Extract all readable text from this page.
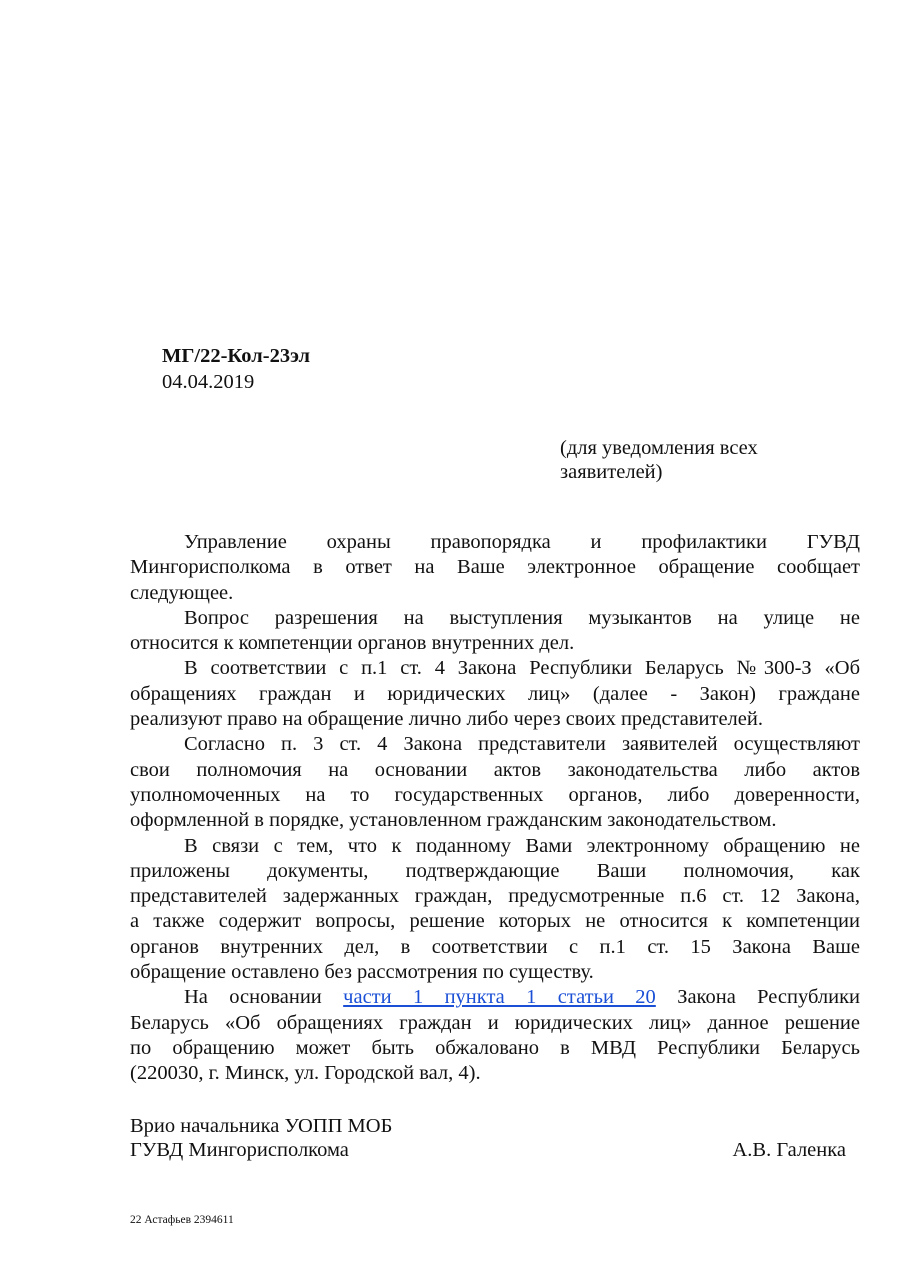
МГ/22-Кол-23эл
04.04.2019
(для уведомления всех
заявителей)
Управление охраны правопорядка и профилактики ГУВД
Мингорисполкома в ответ на Ваше электронное обращение сообщает
следующее.
Вопрос разрешения на выступления музыкантов на улице не
относится к компетенции органов внутренних дел.
В соответствии с п.1 ст. 4 Закона Республики Беларусь №300-З «Об
обращениях граждан и юридических лиц» (далее - Закон) граждане
реализуют право на обращение лично либо через своих представителей.
Согласно п. 3 ст. 4 Закона представители заявителей осуществляют
свои полномочия на основании актов законодательства либо актов
уполномоченных на то государственных органов, либо доверенности,
оформленной в порядке, установленном гражданским законодательством.
В связи с тем, что к поданному Вами электронному обращению не
приложены документы, подтверждающие Ваши полномочия, как
представителей задержанных граждан, предусмотренные п.6 ст. 12 Закона,
а также содержит вопросы, решение которых не относится к компетенции
органов внутренних дел, в соответствии с п.1 ст. 15 Закона Ваше
обращение оставлено без рассмотрения по существу.
На основании части 1 пункта 1 статьи 20 Закона Республики
Беларусь «Об обращениях граждан и юридических лиц» данное решение
по обращению может быть обжаловано в МВД Республики Беларусь
(220030, г. Минск, ул. Городской вал, 4).
Врио начальника УОПП МОБ
ГУВД Мингорисполкома	А.В. Галенка
22 Астафьев 2394611
